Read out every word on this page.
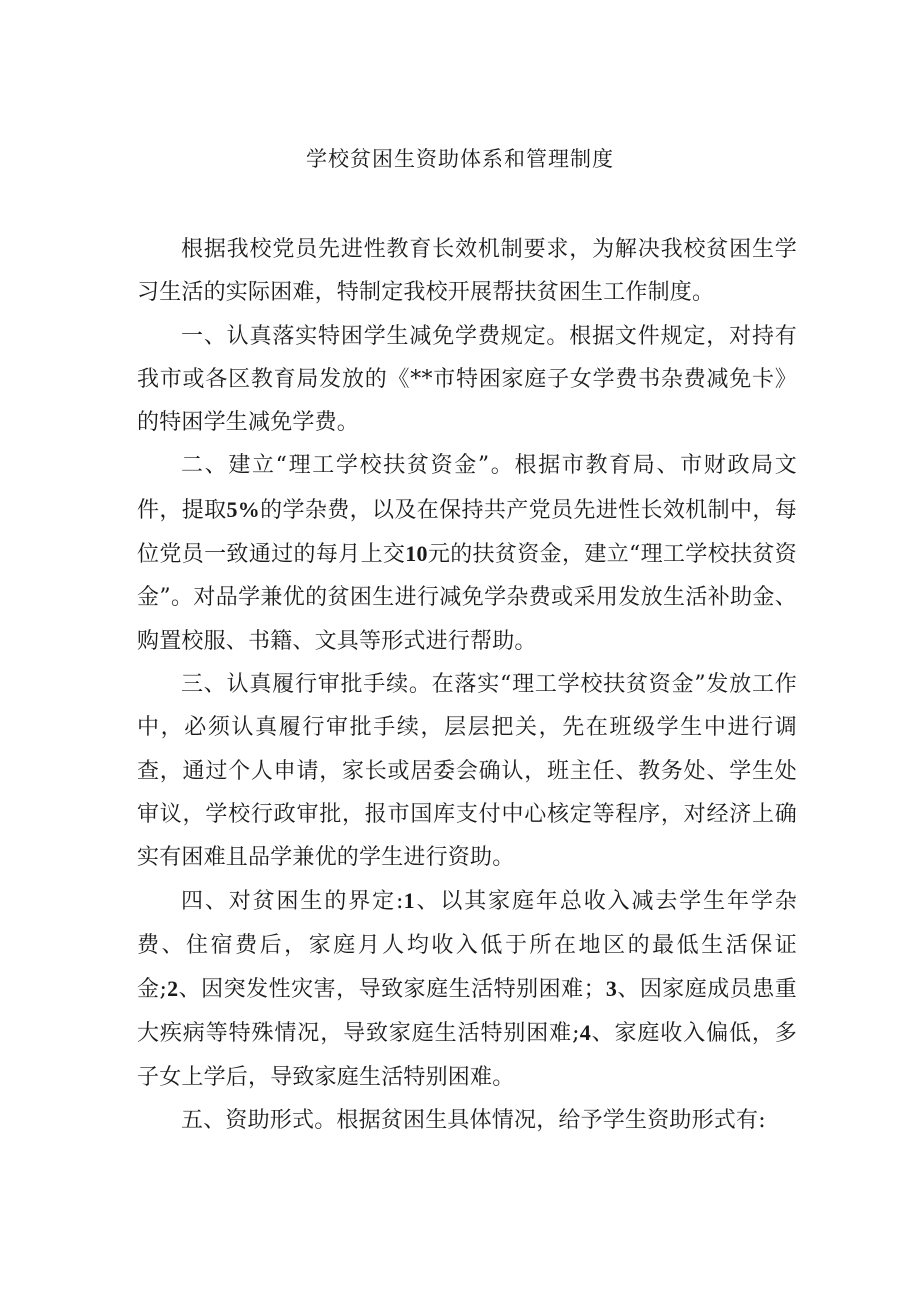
学校贫困生资助体系和管理制度

根据我校党员先进性教育长效机制要求，为解决我校贫困生学习生活的实际困难，特制定我校开展帮扶贫困生工作制度。

一、认真落实特困学生减免学费规定。根据文件规定，对持有我市或各区教育局发放的《**市特困家庭子女学费书杂费减免卡》的特困学生减免学费。

二、建立“理工学校扶贫资金”。根据市教育局、市财政局文件，提取5%的学杂费，以及在保持共产党员先进性长效机制中，每位党员一致通过的每月上交10元的扶贫资金，建立“理工学校扶贫资金”。对品学兼优的贫困生进行减免学杂费或采用发放生活补助金、购置校服、书籍、文具等形式进行帮助。

三、认真履行审批手续。在落实“理工学校扶贫资金”发放工作中，必须认真履行审批手续，层层把关，先在班级学生中进行调查，通过个人申请，家长或居委会确认，班主任、教务处、学生处审议，学校行政审批，报市国库支付中心核定等程序，对经济上确实有困难且品学兼优的学生进行资助。

四、对贫困生的界定:1、以其家庭年总收入减去学生年学杂费、住宿费后，家庭月人均收入低于所在地区的最低生活保证金;2、因突发性灾害，导致家庭生活特别困难；3、因家庭成员患重大疾病等特殊情况，导致家庭生活特别困难;4、家庭收入偏低，多子女上学后，导致家庭生活特别困难。

五、资助形式。根据贫困生具体情况，给予学生资助形式有:
